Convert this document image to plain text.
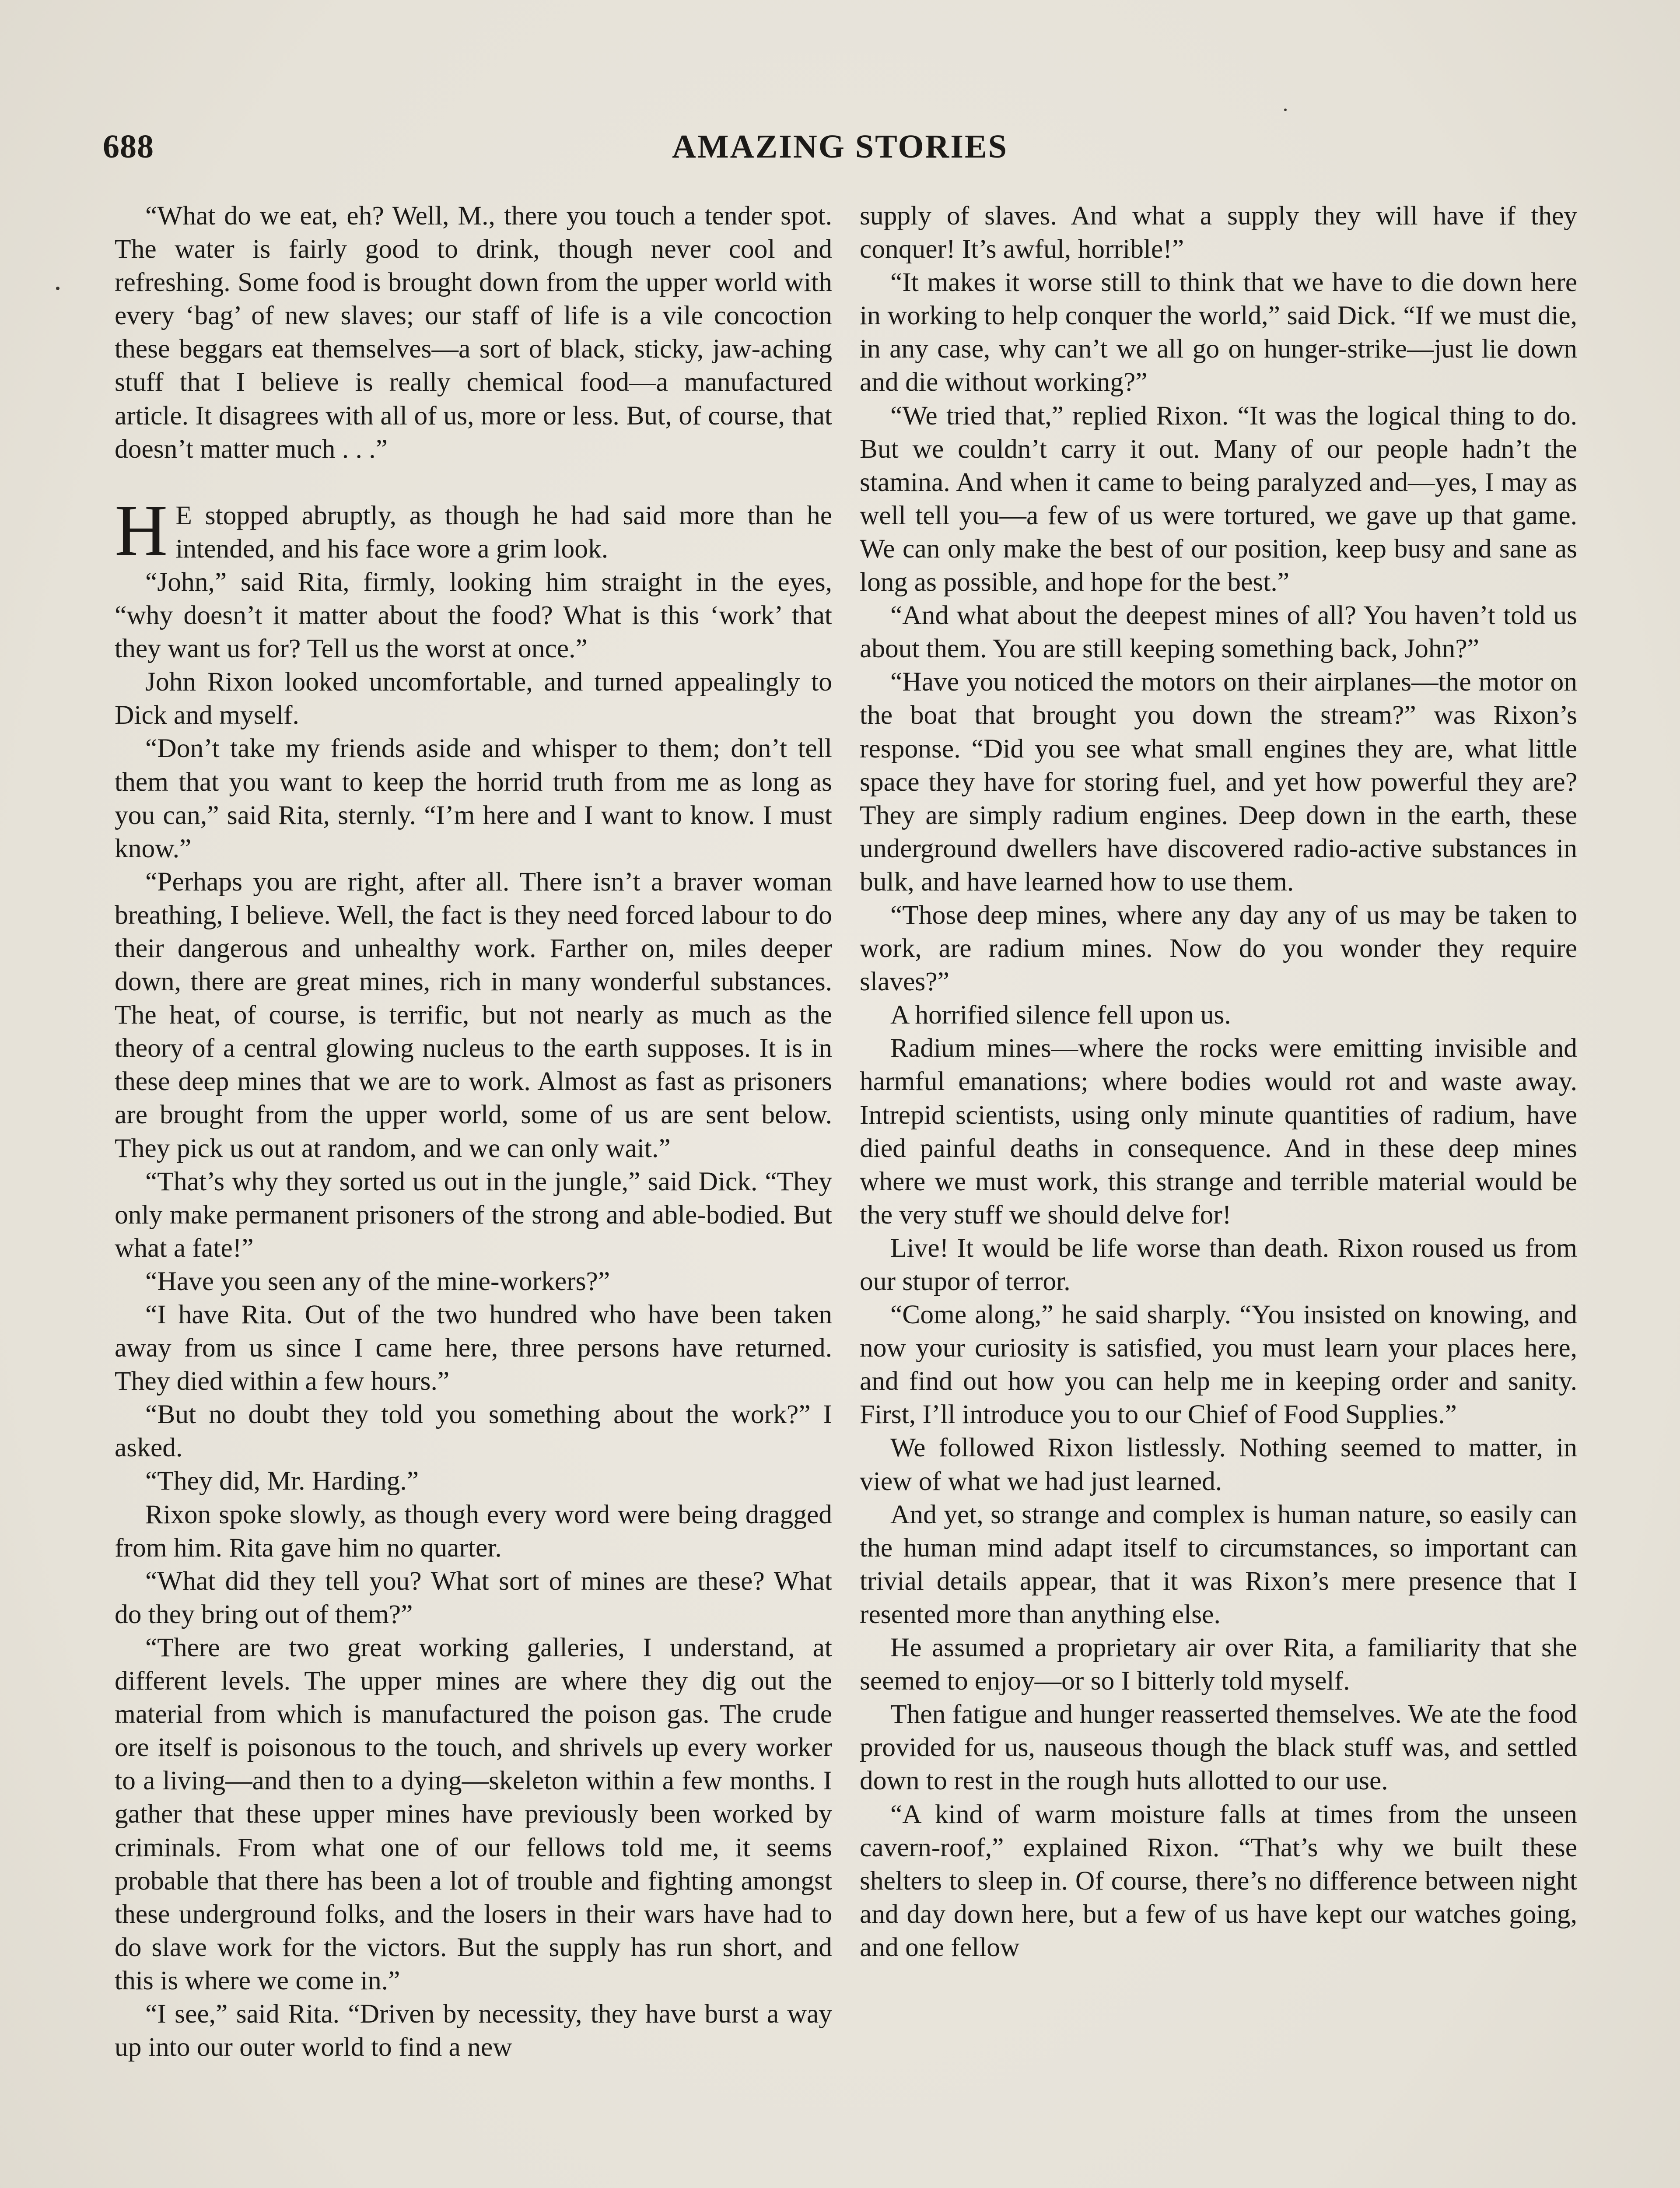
688	AMAZING STORIES

“What do we eat, eh? Well, M., there you touch a tender spot. The water is fairly good to drink, though never cool and refreshing. Some food is brought down from the upper world with every ‘bag’ of new slaves; our staff of life is a vile concoction these beggars eat themselves—a sort of black, sticky, jaw-aching stuff that I believe is really chemical food—a manufactured article. It disagrees with all of us, more or less. But, of course, that doesn’t matter much . . .”

H E stopped abruptly, as though he had said more than he intended, and his face wore a grim look.

“John,” said Rita, firmly, looking him straight in the eyes, “why doesn’t it matter about the food? What is this ‘work’ that they want us for? Tell us the worst at once.”

John Rixon looked uncomfortable, and turned appealingly to Dick and myself.

“Don’t take my friends aside and whisper to them; don’t tell them that you want to keep the horrid truth from me as long as you can,” said Rita, sternly. “I’m here and I want to know. I must know.”

“Perhaps you are right, after all. There isn’t a braver woman breathing, I believe. Well, the fact is they need forced labour to do their dangerous and unhealthy work. Farther on, miles deeper down, there are great mines, rich in many wonderful substances. The heat, of course, is terrific, but not nearly as much as the theory of a central glowing nucleus to the earth supposes. It is in these deep mines that we are to work. Almost as fast as prisoners are brought from the upper world, some of us are sent below. They pick us out at random, and we can only wait.”

“That’s why they sorted us out in the jungle,” said Dick. “They only make permanent prisoners of the strong and able-bodied. But what a fate!”

“Have you seen any of the mine-workers?”

“I have Rita. Out of the two hundred who have been taken away from us since I came here, three persons have returned. They died within a few hours.”

“But no doubt they told you something about the work?” I asked.

“They did, Mr. Harding.”

Rixon spoke slowly, as though every word were being dragged from him. Rita gave him no quarter.

“What did they tell you? What sort of mines are these? What do they bring out of them?”

“There are two great working galleries, I understand, at different levels. The upper mines are where they dig out the material from which is manufactured the poison gas. The crude ore itself is poisonous to the touch, and shrivels up every worker to a living—and then to a dying—skeleton within a few months. I gather that these upper mines have previously been worked by criminals. From what one of our fellows told me, it seems probable that there has been a lot of trouble and fighting amongst these underground folks, and the losers in their wars have had to do slave work for the victors. But the supply has run short, and this is where we come in.”

“I see,” said Rita. “Driven by necessity, they have burst a way up into our outer world to find a new

supply of slaves. And what a supply they will have if they conquer! It’s awful, horrible!”

“It makes it worse still to think that we have to die down here in working to help conquer the world,” said Dick. “If we must die, in any case, why can’t we all go on hunger-strike—just lie down and die without working?”

“We tried that,” replied Rixon. “It was the logical thing to do. But we couldn’t carry it out. Many of our people hadn’t the stamina. And when it came to being paralyzed and—yes, I may as well tell you—a few of us were tortured, we gave up that game. We can only make the best of our position, keep busy and sane as long as possible, and hope for the best.”

“And what about the deepest mines of all? You haven’t told us about them. You are still keeping something back, John?”

“Have you noticed the motors on their airplanes—the motor on the boat that brought you down the stream?” was Rixon’s response. “Did you see what small engines they are, what little space they have for storing fuel, and yet how powerful they are? They are simply radium engines. Deep down in the earth, these underground dwellers have discovered radio-active substances in bulk, and have learned how to use them.

“Those deep mines, where any day any of us may be taken to work, are radium mines. Now do you wonder they require slaves?”

A horrified silence fell upon us.

Radium mines—where the rocks were emitting invisible and harmful emanations; where bodies would rot and waste away. Intrepid scientists, using only minute quantities of radium, have died painful deaths in consequence. And in these deep mines where we must work, this strange and terrible material would be the very stuff we should delve for!

Live! It would be life worse than death. Rixon roused us from our stupor of terror.

“Come along,” he said sharply. “You insisted on knowing, and now your curiosity is satisfied, you must learn your places here, and find out how you can help me in keeping order and sanity. First, I’ll introduce you to our Chief of Food Supplies.”

We followed Rixon listlessly. Nothing seemed to matter, in view of what we had just learned.

And yet, so strange and complex is human nature, so easily can the human mind adapt itself to circumstances, so important can trivial details appear, that it was Rixon’s mere presence that I resented more than anything else.

He assumed a proprietary air over Rita, a familiarity that she seemed to enjoy—or so I bitterly told myself.

Then fatigue and hunger reasserted themselves. We ate the food provided for us, nauseous though the black stuff was, and settled down to rest in the rough huts allotted to our use.

“A kind of warm moisture falls at times from the unseen cavern-roof,” explained Rixon. “That’s why we built these shelters to sleep in. Of course, there’s no difference between night and day down here, but a few of us have kept our watches going, and one fellow
